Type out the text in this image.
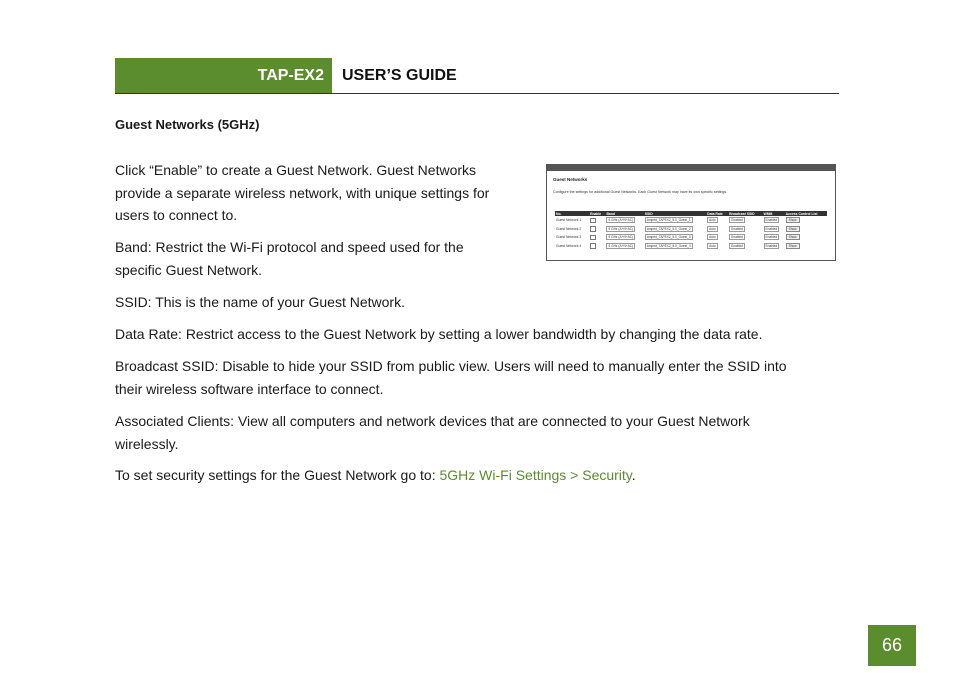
TAP-EX2 USER’S GUIDE
Guest Networks (5GHz)

Click “Enable” to create a Guest Network. Guest Networks
provide a separate wireless network, with unique settings for
users to connect to.

Band: Restrict the Wi-Fi protocol and speed used for the
specific Guest Network.

SSID: This is the name of your Guest Network.

Data Rate: Restrict access to the Guest Network by setting a lower bandwidth by changing the data rate.

Broadcast SSID: Disable to hide your SSID from public view. Users will need to manually enter the SSID into
their wireless software interface to connect.

Associated Clients: View all computers and network devices that are connected to your Guest Network
wirelessly.

To set security settings for the Guest Network go to: 5GHz Wi-Fi Settings > Security.

Guest Networks
Configure the settings for additional Guest Networks. Each Guest Network may have its own specific settings.
No.	Enable	Band	SSID	Data Rate	Broadcast SSID	WMM	Access Control List
Guest Network 1		5 GHz (A+N+AC)	Amped_TAPEX2_5.0_Guest_1	Auto	Enabled	Enabled	Show
Guest Network 2		5 GHz (A+N+AC)	Amped_TAPEX2_5.0_Guest_2	Auto	Enabled	Enabled	Show
Guest Network 3		5 GHz (A+N+AC)	Amped_TAPEX2_5.0_Guest_3	Auto	Enabled	Enabled	Show
Guest Network 4		5 GHz (A+N+AC)	Amped_TAPEX2_5.0_Guest_4	Auto	Enabled	Enabled	Show
66
